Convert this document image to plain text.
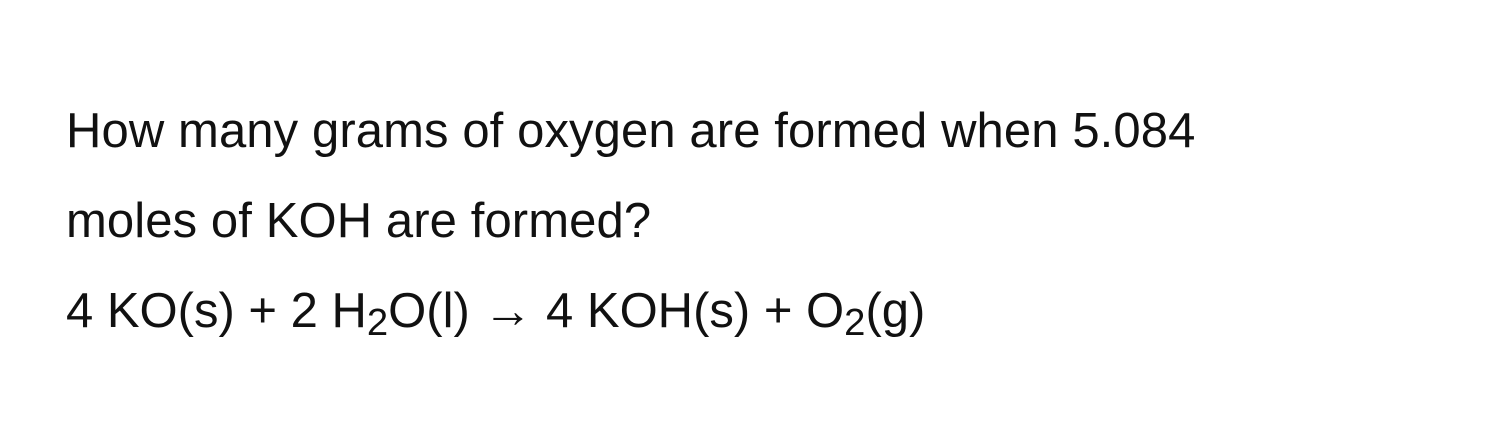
How many grams of oxygen are formed when 5.084
moles of KOH are formed?

4 KO(s) + 2 H2O(l) → 4 KOH(s) + O2(g)
